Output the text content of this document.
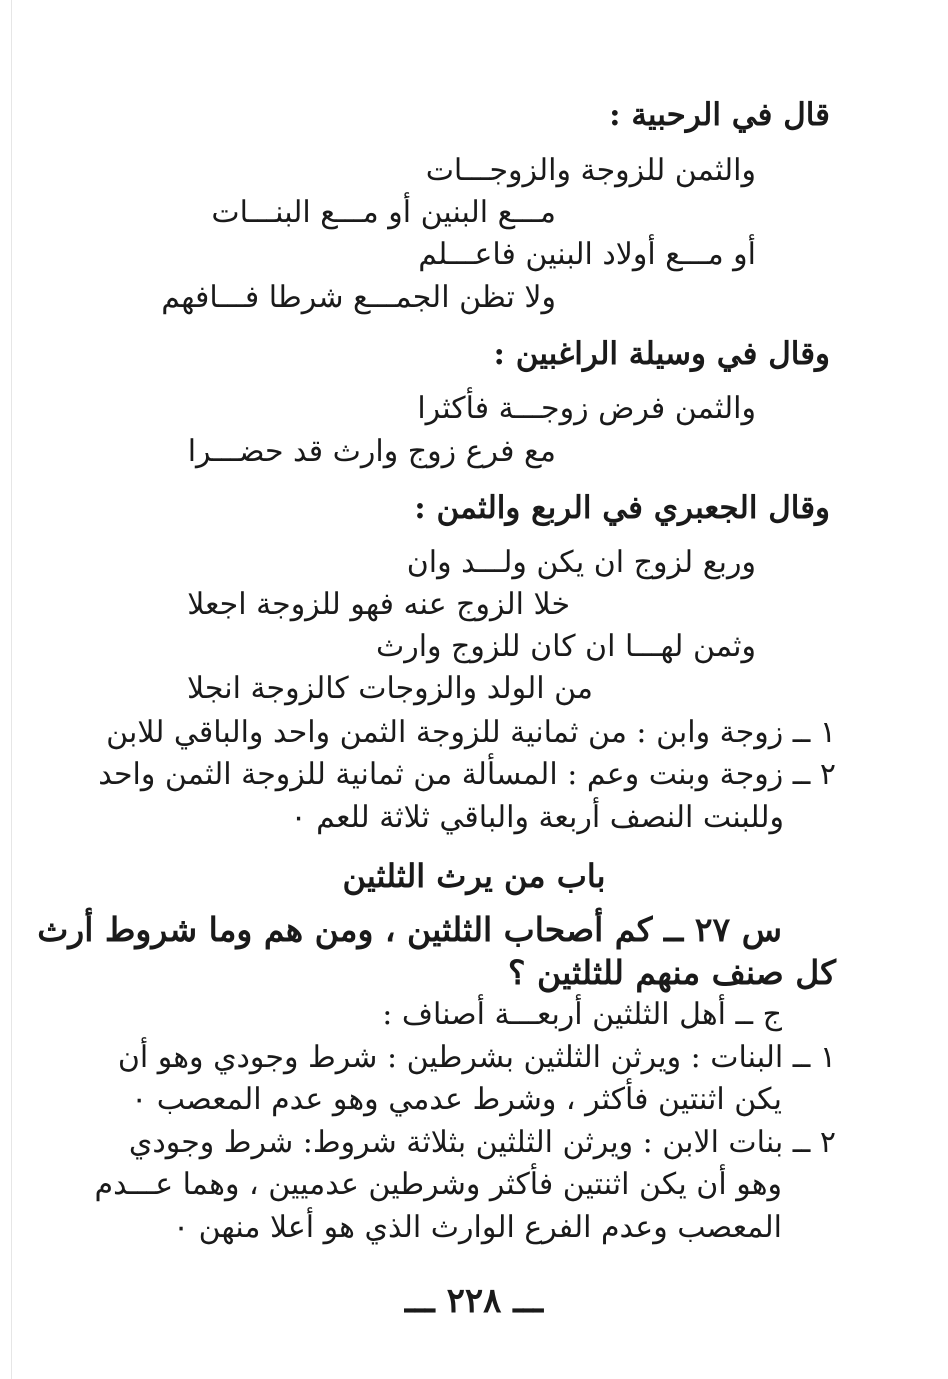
قال في الرحبية :
والثمن للزوجة والزوجـــات
مـــع البنين أو مـــع البنـــات
أو مـــع أولاد البنين فاعـــلم
ولا تظن الجمـــع شرطا فـــافهم
وقال في وسيلة الراغبين :
والثمن فرض زوجـــة فأكثرا
مع فرع زوج وارث قد حضـــرا
وقال الجعبري في الربع والثمن :
وربع لزوج ان يكن ولـــد وان
خلا الزوج عنه فهو للزوجة اجعلا
وثمن لهـــا ان كان للزوج وارث
من الولد والزوجات كالزوجة انجلا
١ ــ زوجة وابن : من ثمانية للزوجة الثمن واحد والباقي للابن
٢ ــ زوجة وبنت وعم : المسألة من ثمانية للزوجة الثمن واحد
وللبنت النصف أربعة والباقي ثلاثة للعم ٠
باب من يرث الثلثين
س ٢٧ ــ كم أصحاب الثلثين ، ومن هم وما شروط أرث
كل صنف منهم للثلثين ؟
ج ــ أهل الثلثين أربعـــة أصناف :
١ ــ البنات : ويرثن الثلثين بشرطين : شرط وجودي وهو أن
يكن اثنتين فأكثر ، وشرط عدمي وهو عدم المعصب ٠
٢ ــ بنات الابن : ويرثن الثلثين بثلاثة شروط: شرط وجودي
وهو أن يكن اثنتين فأكثر وشرطين عدميين ، وهما عـــدم
المعصب وعدم الفرع الوارث الذي هو أعلا منهن ٠
ـــ ٢٢٨ ـــ
